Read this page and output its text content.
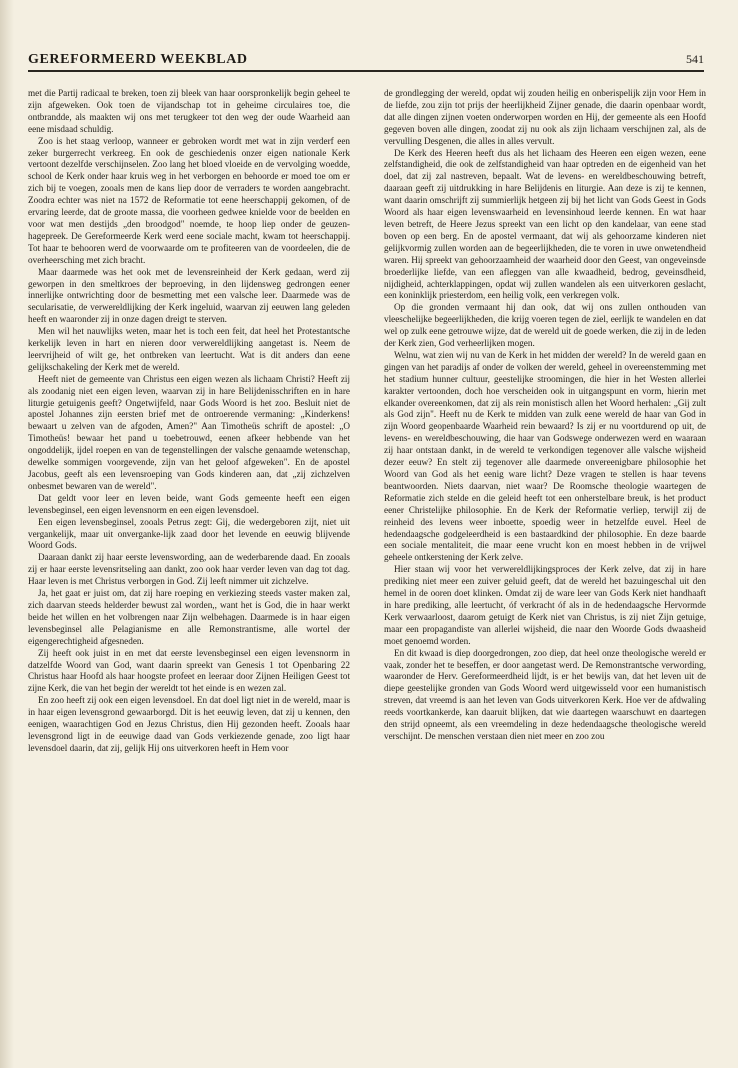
GEREFORMEERD WEEKBLAD	541

met die Partij radicaal te breken, toen zij bleek van haar oorspronkelijk begin geheel te zijn afgeweken. Ook toen de vijandschap tot in geheime circulaires toe, die ontbrandde, als maakten wij ons met terugkeer tot den weg der oude Waarheid aan eene misdaad schuldig.

Zoo is het staag verloop, wanneer er gebroken wordt met wat in zijn verderf een zeker burgerrecht verkreeg. En ook de geschiedenis onzer eigen nationale Kerk vertoont dezelfde verschijnselen. Zoo lang het bloed vloeide en de vervolging woedde, school de Kerk onder haar kruis weg in het verborgen en behoorde er moed toe om er zich bij te voegen, zooals men de kans liep door de verraders te worden aangebracht. Zoodra echter was niet na 1572 de Reformatie tot eene heerschappij gekomen, of de ervaring leerde, dat de groote massa, die voorheen gedwee knielde voor de beelden en voor wat men destijds „den broodgod" noemde, te hoop liep onder de geuzen-hagepreek. De Gereformeerde Kerk werd eene sociale macht, kwam tot heerschappij. Tot haar te behooren werd de voorwaarde om te profiteeren van de voordeelen, die de overheersching met zich bracht.

Maar daarmede was het ook met de levensreinheid der Kerk gedaan, werd zij geworpen in den smeltkroes der beproeving, in den lijdensweg gedrongen eener innerlijke ontwrichting door de besmetting met een valsche leer. Daarmede was de secularisatie, de verwereldlijking der Kerk ingeluid, waarvan zij eeuwen lang geleden heeft en waaronder zij in onze dagen dreigt te sterven.

Men wil het nauwlijks weten, maar het is toch een feit, dat heel het Protestantsche kerkelijk leven in hart en nieren door verwereldlijking aangetast is. Neem de leervrijheid of wilt ge, het ontbreken van leertucht. Wat is dit anders dan eene gelijkschakeling der Kerk met de wereld.

Heeft niet de gemeente van Christus een eigen wezen als lichaam Christi? Heeft zij als zoodanig niet een eigen leven, waarvan zij in hare Belijdenisschriften en in hare liturgie getuigenis geeft? Ongetwijfeld, naar Gods Woord is het zoo. Besluit niet de apostel Johannes zijn eersten brief met de ontroerende vermaning: „Kinderkens! bewaart u zelven van de afgoden, Amen?" Aan Timotheüs schrift de apostel: „O Timotheüs! bewaar het pand u toebetrouwd, eenen afkeer hebbende van het ongoddelijk, ijdel roepen en van de tegenstellingen der valsche genaamde wetenschap, dewelke sommigen voorgevende, zijn van het geloof afgeweken". En de apostel Jacobus, geeft als een levensroeping van Gods kinderen aan, dat „zij zichzelven onbesmet bewaren van de wereld".

Dat geldt voor leer en leven beide, want Gods gemeente heeft een eigen levensbeginsel, een eigen levensnorm en een eigen levensdoel.

Een eigen levensbeginsel, zooals Petrus zegt: Gij, die wedergeboren zijt, niet uit vergankelijk, maar uit onverganke-lijk zaad door het levende en eeuwig blijvende Woord Gods.

Daaraan dankt zij haar eerste levenswording, aan de wederbarende daad. En zooals zij er haar eerste levensritseling aan dankt, zoo ook haar verder leven van dag tot dag. Haar leven is met Christus verborgen in God. Zij leeft nimmer uit zichzelve.

Ja, het gaat er juist om, dat zij hare roeping en verkiezing steeds vaster maken zal, zich daarvan steeds helderder bewust zal worden,, want het is God, die in haar werkt beide het willen en het volbrengen naar Zijn welbehagen. Daarmede is in haar eigen levensbeginsel alle Pelagianisme en alle Remonstrantisme, alle wortel der eigengerechtigheid afgesneden.

Zij heeft ook juist in en met dat eerste levensbeginsel een eigen levensnorm in datzelfde Woord van God, want daarin spreekt van Genesis 1 tot Openbaring 22 Christus haar Hoofd als haar hoogste profeet en leeraar door Zijnen Heiligen Geest tot zijne Kerk, die van het begin der wereldt tot het einde is en wezen zal.

En zoo heeft zij ook een eigen levensdoel. En dat doel ligt niet in de wereld, maar is in haar eigen levensgrond gewaarborgd. Dit is het eeuwig leven, dat zij u kennen, den eenigen, waarachtigen God en Jezus Christus, dien Hij gezonden heeft. Zooals haar levensgrond ligt in de eeuwige daad van Gods verkiezende genade, zoo ligt haar levensdoel daarin, dat zij, gelijk Hij ons uitverkoren heeft in Hem voor

de grondlegging der wereld, opdat wij zouden heilig en onberispelijk zijn voor Hem in de liefde, zou zijn tot prijs der heerlijkheid Zijner genade, die daarin openbaar wordt, dat alle dingen zijnen voeten onderworpen worden en Hij, der gemeente als een Hoofd gegeven boven alle dingen, zoodat zij nu ook als zijn lichaam verschijnen zal, als de vervulling Desgenen, die alles in alles vervult.

De Kerk des Heeren heeft dus als het lichaam des Heeren een eigen wezen, eene zelfstandigheid, die ook de zelfstandigheid van haar optreden en de eigenheid van het doel, dat zij zal nastreven, bepaalt. Wat de levens- en wereldbeschouwing betreft, daaraan geeft zij uitdrukking in hare Belijdenis en liturgie. Aan deze is zij te kennen, want daarin omschrijft zij summierlijk hetgeen zij bij het licht van Gods Geest in Gods Woord als haar eigen levenswaarheid en levensinhoud leerde kennen. En wat haar leven betreft, de Heere Jezus spreekt van een licht op den kandelaar, van eene stad boven op een berg. En de apostel vermaant, dat wij als gehoorzame kinderen niet gelijkvormig zullen worden aan de begeerlijkheden, die te voren in uwe onwetendheid waren. Hij spreekt van gehoorzaamheid der waarheid door den Geest, van ongeveinsde broederlijke liefde, van een afleggen van alle kwaadheid, bedrog, geveinsdheid, nijdigheid, achterklappingen, opdat wij zullen wandelen als een uitverkoren geslacht, een koninklijk priesterdom, een heilig volk, een verkregen volk.

Op die gronden vermaant hij dan ook, dat wij ons zullen onthouden van vleeschelijke begeerlijkheden, die krijg voeren tegen de ziel, eerlijk te wandelen en dat wel op zulk eene getrouwe wijze, dat de wereld uit de goede werken, die zij in de leden der Kerk zien, God verheerlijken mogen.

Welnu, wat zien wij nu van de Kerk in het midden der wereld? In de wereld gaan en gingen van het paradijs af onder de volken der wereld, geheel in overeenstemming met het stadium hunner cultuur, geestelijke stroomingen, die hier in het Westen allerlei karakter vertoonden, doch hoe verscheiden ook in uitgangspunt en vorm, hierin met elkander overeenkomen, dat zij als rein monistisch allen het Woord herhalen: „Gij zult als God zijn". Heeft nu de Kerk te midden van zulk eene wereld de haar van God in zijn Woord geopenbaarde Waarheid rein bewaard? Is zij er nu voortdurend op uit, de levens- en wereldbeschouwing, die haar van Godswege onderwezen werd en waaraan zij haar ontstaan dankt, in de wereld te verkondigen tegenover alle valsche wijsheid dezer eeuw? En stelt zij tegenover alle daarmede onvereenigbare philosophie het Woord van God als het eenig ware licht? Deze vragen te stellen is haar tevens beantwoorden. Niets daarvan, niet waar? De Roomsche theologie waartegen de Reformatie zich stelde en die geleid heeft tot een onherstelbare breuk, is het product eener Christelijke philosophie. En de Kerk der Reformatie verliep, terwijl zij de reinheid des levens weer inboette, spoedig weer in hetzelfde euvel. Heel de hedendaagsche godgeleerdheid is een bastaardkind der philosophie. En deze baarde een sociale mentaliteit, die maar eene vrucht kon en moest hebben in de vrijwel geheele ontkerstening der Kerk zelve.

Hier staan wij voor het verwereldlijkingsproces der Kerk zelve, dat zij in hare prediking niet meer een zuiver geluid geeft, dat de wereld het bazuingeschal uit den hemel in de ooren doet klinken. Omdat zij de ware leer van Gods Kerk niet handhaaft in hare prediking, alle leertucht, óf verkracht óf als in de hedendaagsche Hervormde Kerk verwaarloost, daarom getuigt de Kerk niet van Christus, is zij niet Zijn getuige, maar een propagandiste van allerlei wijsheid, die naar den Woorde Gods dwaasheid moet genoemd worden.

En dit kwaad is diep doorgedrongen, zoo diep, dat heel onze theologische wereld er vaak, zonder het te beseffen, er door aangetast werd. De Remonstrantsche verwording, waaronder de Herv. Gereformeerdheid lijdt, is er het bewijs van, dat het leven uit de diepe geestelijke gronden van Gods Woord werd uitgewisseld voor een humanistisch streven, dat vreemd is aan het leven van Gods uitverkoren Kerk. Hoe ver de afdwaling reeds voortkankerde, kan daaruit blijken, dat wie daartegen waarschuwt en daartegen den strijd opneemt, als een vreemdeling in deze hedendaagsche theologische wereld verschijnt. De menschen verstaan dien niet meer en zoo zou
